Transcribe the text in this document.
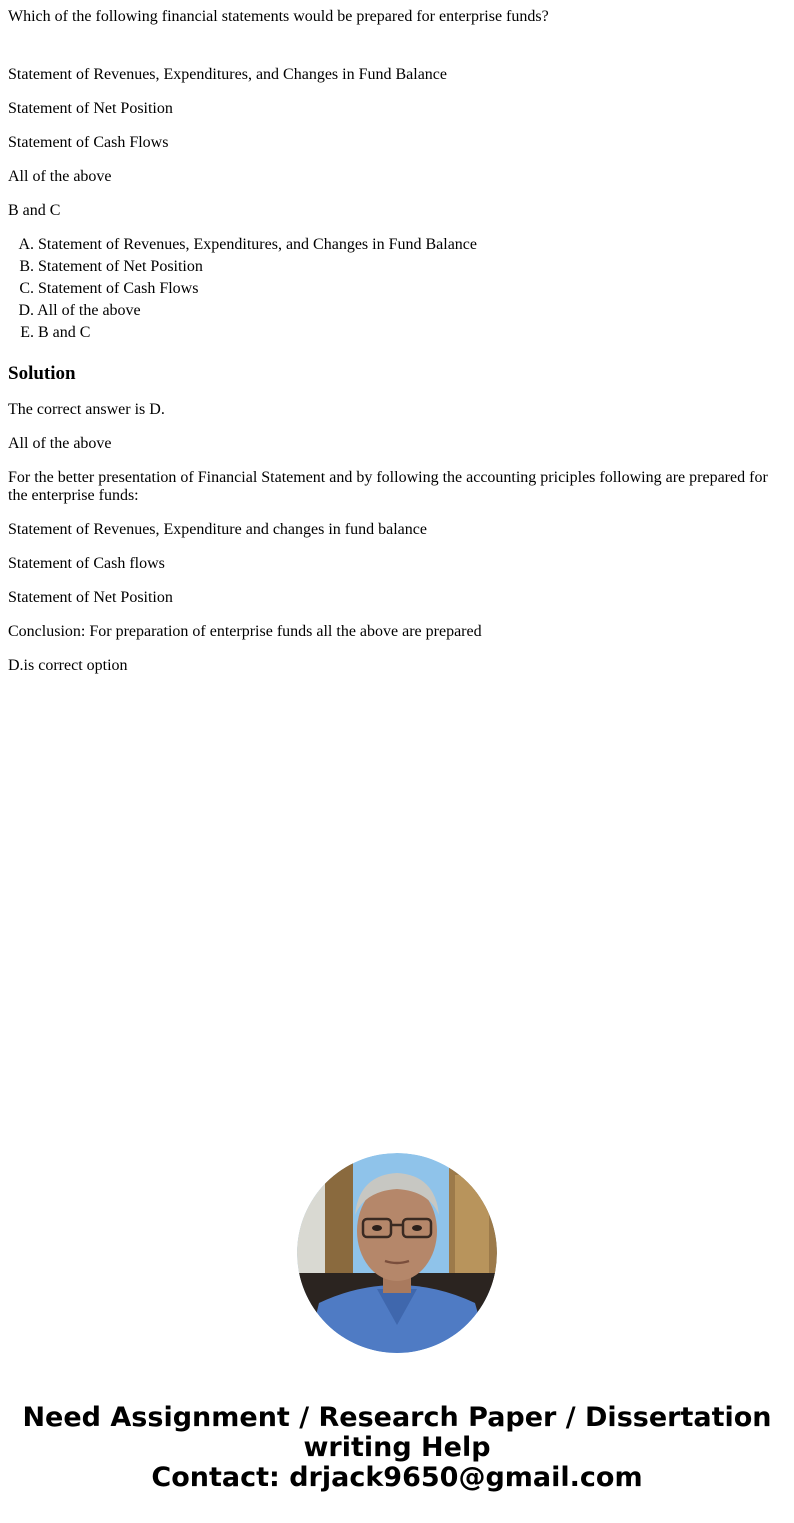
Which of the following financial statements would be prepared for enterprise funds?

Statement of Revenues, Expenditures, and Changes in Fund Balance

Statement of Net Position

Statement of Cash Flows

All of the above

B and C

A. Statement of Revenues, Expenditures, and Changes in Fund Balance
B. Statement of Net Position
C. Statement of Cash Flows
D. All of the above
E. B and C
Solution

The correct answer is D.

All of the above

For the better presentation of Financial Statement and by following the accounting priciples following are prepared for the enterprise funds:

Statement of Revenues, Expenditure and changes in fund balance

Statement of Cash flows

Statement of Net Position

Conclusion: For preparation of enterprise funds all the above are prepared

D.is correct option

Need Assignment / Research Paper / Dissertation
writing Help
Contact: drjack9650@gmail.com
